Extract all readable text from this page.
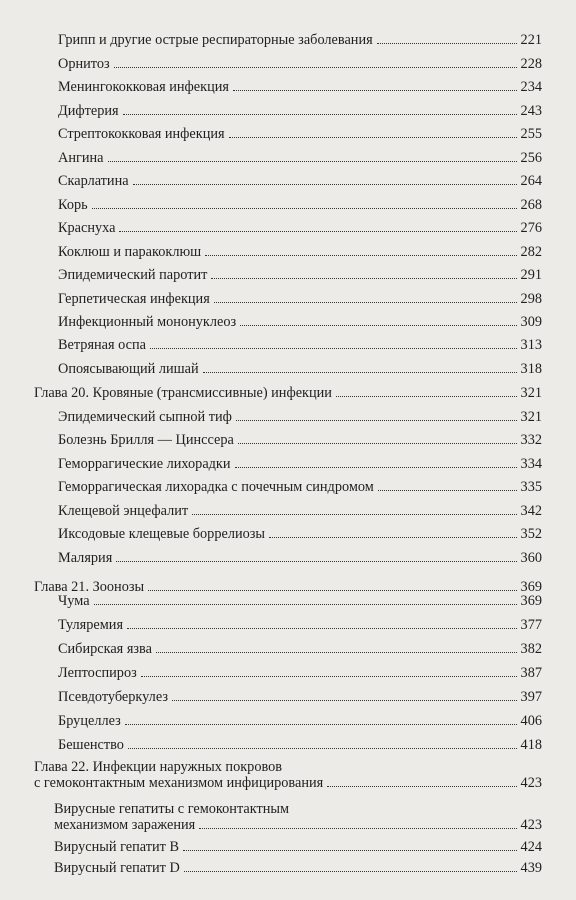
Грипп и другие острые респираторные заболевания	221
Орнитоз	228
Менингококковая инфекция	234
Дифтерия	243
Стрептококковая инфекция	255
Ангина	256
Скарлатина	264
Корь	268
Краснуха	276
Коклюш и паракоклюш	282
Эпидемический паротит	291
Герпетическая инфекция	298
Инфекционный мононуклеоз	309
Ветряная оспа	313
Опоясывающий лишай	318
Глава 20. Кровяные (трансмиссивные) инфекции	321
Эпидемический сыпной тиф	321
Болезнь Брилля — Цинссера	332
Геморрагические лихорадки	334
Геморрагическая лихорадка с почечным синдромом	335
Клещевой энцефалит	342
Иксодовые клещевые боррелиозы	352
Малярия	360
Глава 21. Зоонозы	369
Чума	369
Туляремия	377
Сибирская язва	382
Лептоспироз	387
Псевдотуберкулез	397
Бруцеллез	406
Бешенство	418
Глава 22. Инфекции наружных покровов
с гемоконтактным механизмом инфицирования	423
Вирусные гепатиты с гемоконтактным
механизмом заражения	423
Вирусный гепатит В	424
Вирусный гепатит D	439
